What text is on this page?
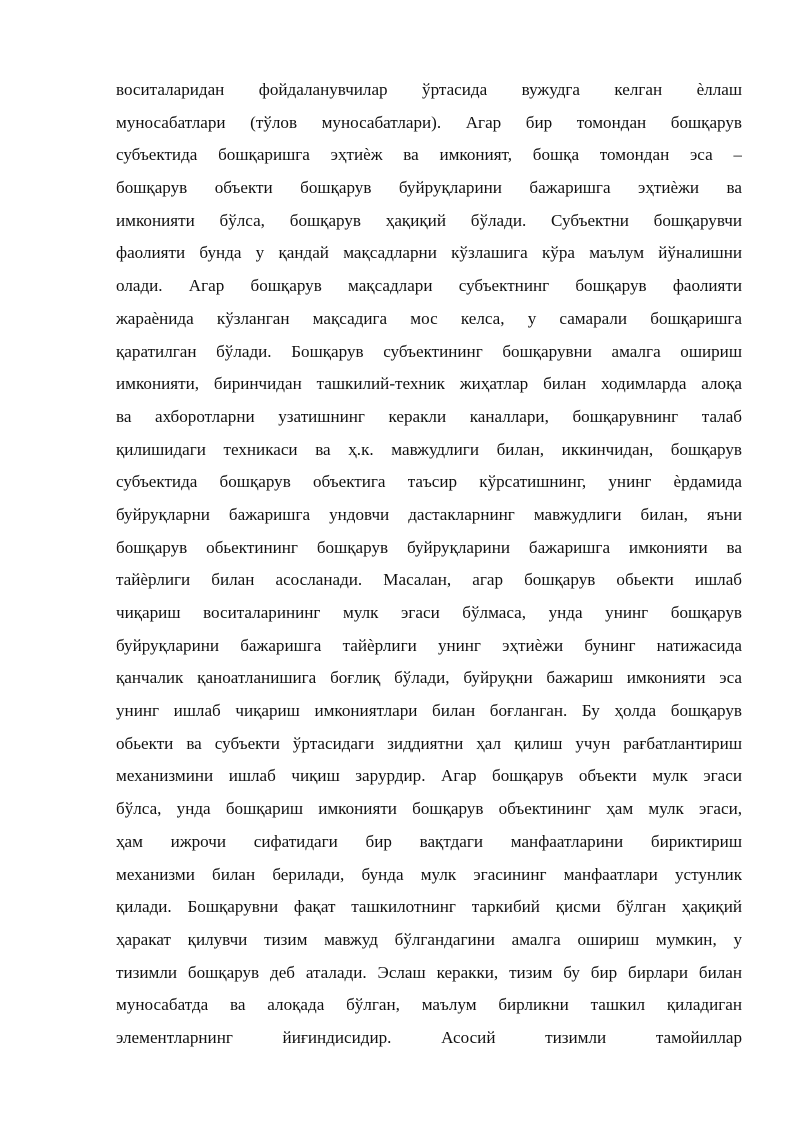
воситаларидан фойдаланувчилар ўртасида вужудга келган ѐллаш
муносабатлари (тўлов муносабатлари). Агар бир томондан бошқарув
субъектида бошқаришга эҳтиѐж ва имконият, бошқа томондан эса –
бошқарув объекти бошқарув буйруқларини бажаришга эҳтиѐжи ва
имконияти бўлса, бошқарув ҳақиқий бўлади. Субъектни бошқарувчи
фаолияти бунда у қандай мақсадларни кўзлашига кўра маълум йўналишни
олади. Агар бошқарув мақсадлари субъектнинг бошқарув фаолияти
жараѐнида кўзланган мақсадига мос келса, у самарали бошқаришга
қаратилган бўлади. Бошқарув субъектининг бошқарувни амалга ошириш
имконияти, биринчидан ташкилий-техник жиҳатлар билан ходимларда алоқа
ва ахборотларни узатишнинг керакли каналлари, бошқарувнинг талаб
қилишидаги техникаси ва ҳ.к. мавжудлиги билан, иккинчидан, бошқарув
субъектида бошқарув объектига таъсир кўрсатишнинг, унинг ѐрдамида
буйруқларни бажаришга ундовчи дастакларнинг мавжудлиги билан, яъни
бошқарув обьектининг бошқарув буйруқларини бажаришга имконияти ва
тайѐрлиги билан асосланади. Масалан, агар бошқарув обьекти ишлаб
чиқариш воситаларининг мулк эгаси бўлмаса, унда унинг бошқарув
буйруқларини бажаришга тайѐрлиги унинг эҳтиѐжи бунинг натижасида
қанчалик қаноатланишига боғлиқ бўлади, буйруқни бажариш имконияти эса
унинг ишлаб чиқариш имкониятлари билан боғланган. Бу ҳолда бошқарув
обьекти ва субъекти ўртасидаги зиддиятни ҳал қилиш учун рағбатлантириш
механизмини ишлаб чиқиш зарурдир. Агар бошқарув объекти мулк эгаси
бўлса, унда бошқариш имконияти бошқарув объектининг ҳам мулк эгаси,
ҳам ижрочи сифатидаги бир вақтдаги манфаатларини бириктириш
механизми билан берилади, бунда мулк эгасининг манфаатлари устунлик
қилади. Бошқарувни фақат ташкилотнинг таркибий қисми бўлган ҳақиқий
ҳаракат қилувчи тизим мавжуд бўлгандагини амалга ошириш мумкин, у
тизимли бошқарув деб аталади. Эслаш керакки, тизим бу бир бирлари билан
муносабатда ва алоқада бўлган, маълум бирликни ташкил қиладиган
элементларнинг йиғиндисидир. Асосий тизимли тамойиллар
